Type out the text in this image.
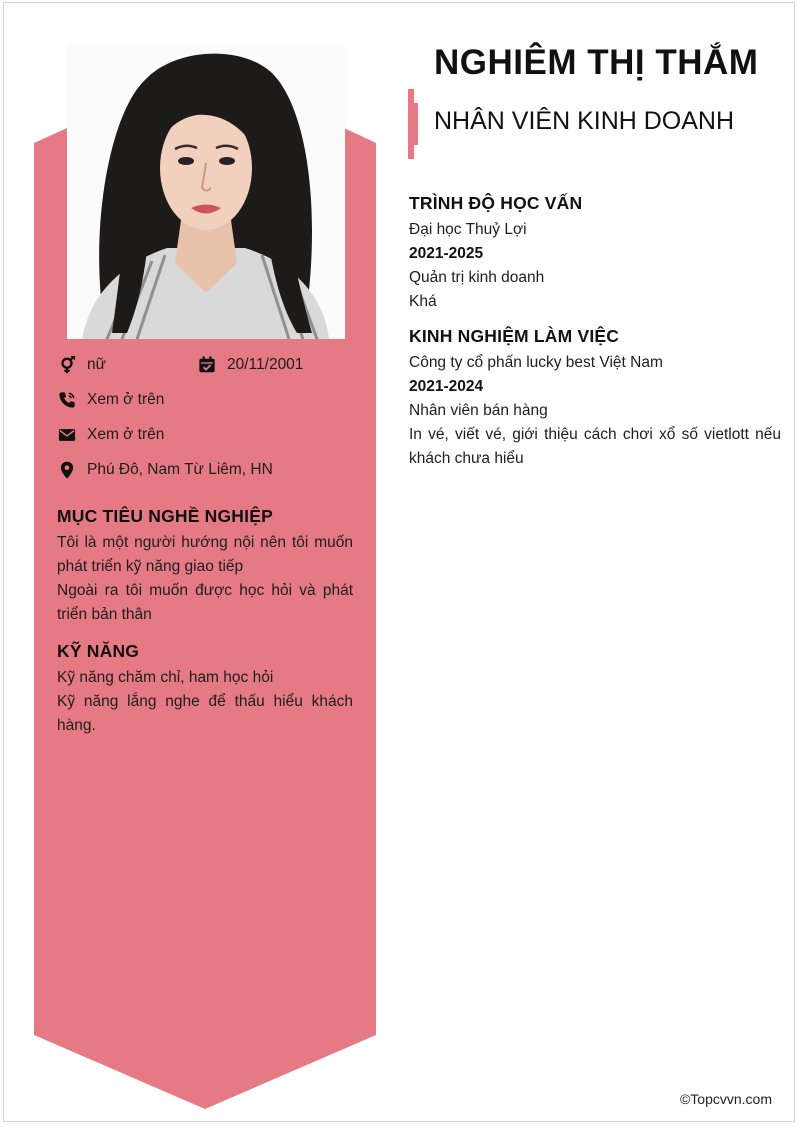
nữ	20/11/2001
Xem ở trên
Xem ở trên
Phú Đô, Nam Từ Liêm, HN
MỤC TIÊU NGHỀ NGHIỆP

Tôi là một người hướng nội nên tôi muốn phát triển kỹ năng giao tiếp

Ngoài ra tôi muốn được học hỏi và phát triển bản thân

KỸ NĂNG

Kỹ năng chăm chỉ, ham học hỏi

Kỹ năng lắng nghe để thấu hiểu khách hàng.

NGHIÊM THỊ THẮM
NHÂN VIÊN KINH DOANH
TRÌNH ĐỘ HỌC VẤN

Đại học Thuỷ Lợi

2021-2025

Quản trị kinh doanh

Khá

KINH NGHIỆM LÀM VIỆC

Công ty cổ phấn lucky best Việt Nam

2021-2024

Nhân viên bán hàng

In vé, viết vé, giới thiệu cách chơi xổ số vietlott nếu khách chưa hiểu

©Topcvvn.com
